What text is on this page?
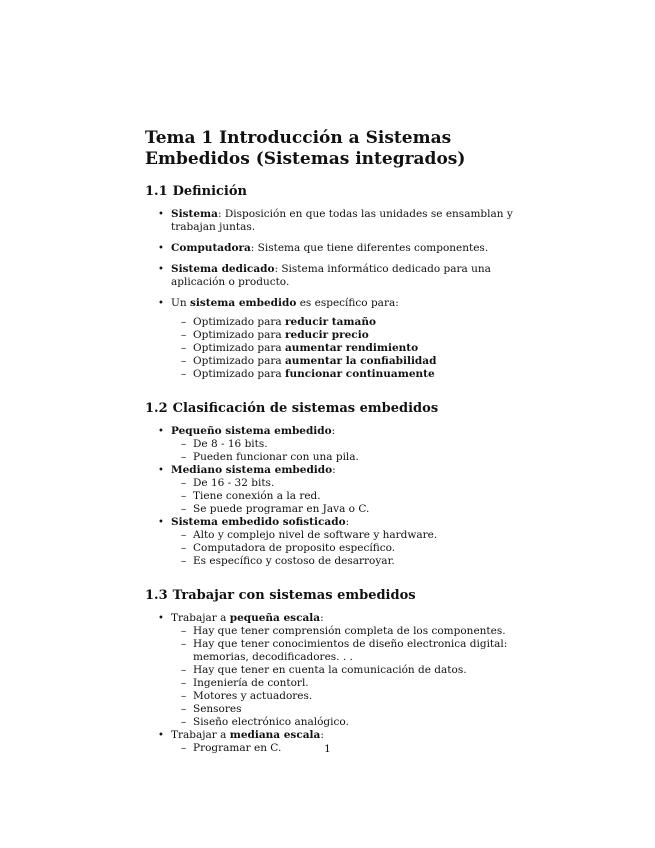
Tema 1 Introducción a Sistemas Embedidos (Sistemas integrados)
1.1 Definición
• Sistema: Disposición en que todas las unidades se ensamblan y trabajan juntas.
• Computadora: Sistema que tiene diferentes componentes.
• Sistema dedicado: Sistema informático dedicado para una aplicación o producto.
• Un sistema embedido es específico para:
– Optimizado para reducir tamaño
– Optimizado para reducir precio
– Optimizado para aumentar rendimiento
– Optimizado para aumentar la confiabilidad
– Optimizado para funcionar continuamente
1.2 Clasificación de sistemas embedidos
• Pequeño sistema embedido:
– De 8 - 16 bits.
– Pueden funcionar con una pila.
• Mediano sistema embedido:
– De 16 - 32 bits.
– Tiene conexión a la red.
– Se puede programar en Java o C.
• Sistema embedido sofisticado:
– Alto y complejo nivel de software y hardware.
– Computadora de proposito específico.
– Es específico y costoso de desarroyar.
1.3 Trabajar con sistemas embedidos
• Trabajar a pequeña escala:
– Hay que tener comprensión completa de los componentes.
– Hay que tener conocimientos de diseño electronica digital: memorias, decodificadores. . .
– Hay que tener en cuenta la comunicación de datos.
– Ingeniería de contorl.
– Motores y actuadores.
– Sensores
– Siseño electrónico analógico.
• Trabajar a mediana escala:
– Programar en C.	1
